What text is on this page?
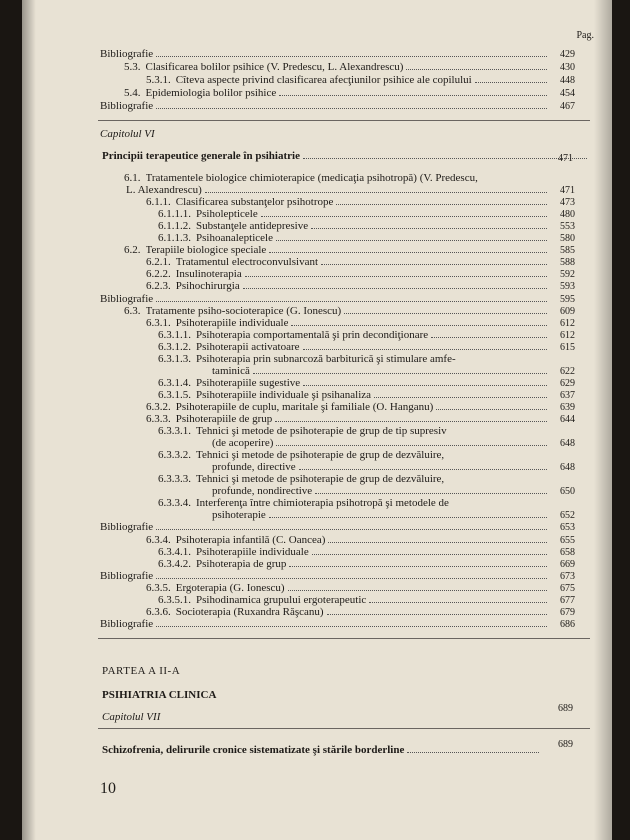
Pag.
429
Bibliografie
430
5.3. Clasificarea bolilor psihice (V. Predescu, L. Alexandrescu)
448
5.3.1. Cîteva aspecte privind clasificarea afecţiunilor psihice ale copilului
454
5.4. Epidemiologia bolilor psihice
467
Bibliografie
6.1. Tratamentele biologice chimioterapice (medicaţia psihotropă) (V. Predescu,
471
L. Alexandrescu)
473
6.1.1. Clasificarea substanţelor psihotrope
480
6.1.1.1. Psiholepticele
553
6.1.1.2. Substanţele antidepresive
580
6.1.1.3. Psihoanalepticele
585
6.2. Terapiile biologice speciale
588
6.2.1. Tratamentul electroconvulsivant
592
6.2.2. Insulinoterapia
593
6.2.3. Psihochirurgia
595
Bibliografie
609
6.3. Tratamente psiho-socioterapice (G. Ionescu)
612
6.3.1. Psihoterapiile individuale
612
6.3.1.1. Psihoterapia comportamentală şi prin decondiţionare
615
6.3.1.2. Psihoterapii activatoare
6.3.1.3. Psihoterapia prin subnarcoză barbiturică şi stimulare amfe-
622
taminică
629
6.3.1.4. Psihoterapiile sugestive
637
6.3.1.5. Psihoterapiile individuale şi psihanaliza
639
6.3.2. Psihoterapiile de cuplu, maritale şi familiale (O. Hanganu)
644
6.3.3. Psihoterapiile de grup
6.3.3.1. Tehnici şi metode de psihoterapie de grup de tip supresiv
648
(de acoperire)
6.3.3.2. Tehnici şi metode de psihoterapie de grup de dezvăluire,
648
profunde, directive
6.3.3.3. Tehnici şi metode de psihoterapie de grup de dezvăluire,
650
profunde, nondirective
6.3.3.4. Interferenţa între chimioterapia psihotropă şi metodele de
652
psihoterapie
653
Bibliografie
655
6.3.4. Psihoterapia infantilă (C. Oancea)
658
6.3.4.1. Psihoterapiile individuale
669
6.3.4.2. Psihoterapia de grup
673
Bibliografie
675
6.3.5. Ergoterapia (G. Ionescu)
677
6.3.5.1. Psihodinamica grupului ergoterapeutic
679
6.3.6. Socioterapia (Ruxandra Răşcanu)
686
Bibliografie
Capitolul VI
Principii terapeutice generale în psihiatrie	471
PARTEA A II-A
PSIHIATRIA CLINICA
Capitolul VII
689
Schizofrenia, delirurile cronice sistematizate şi stările borderline	689
10
